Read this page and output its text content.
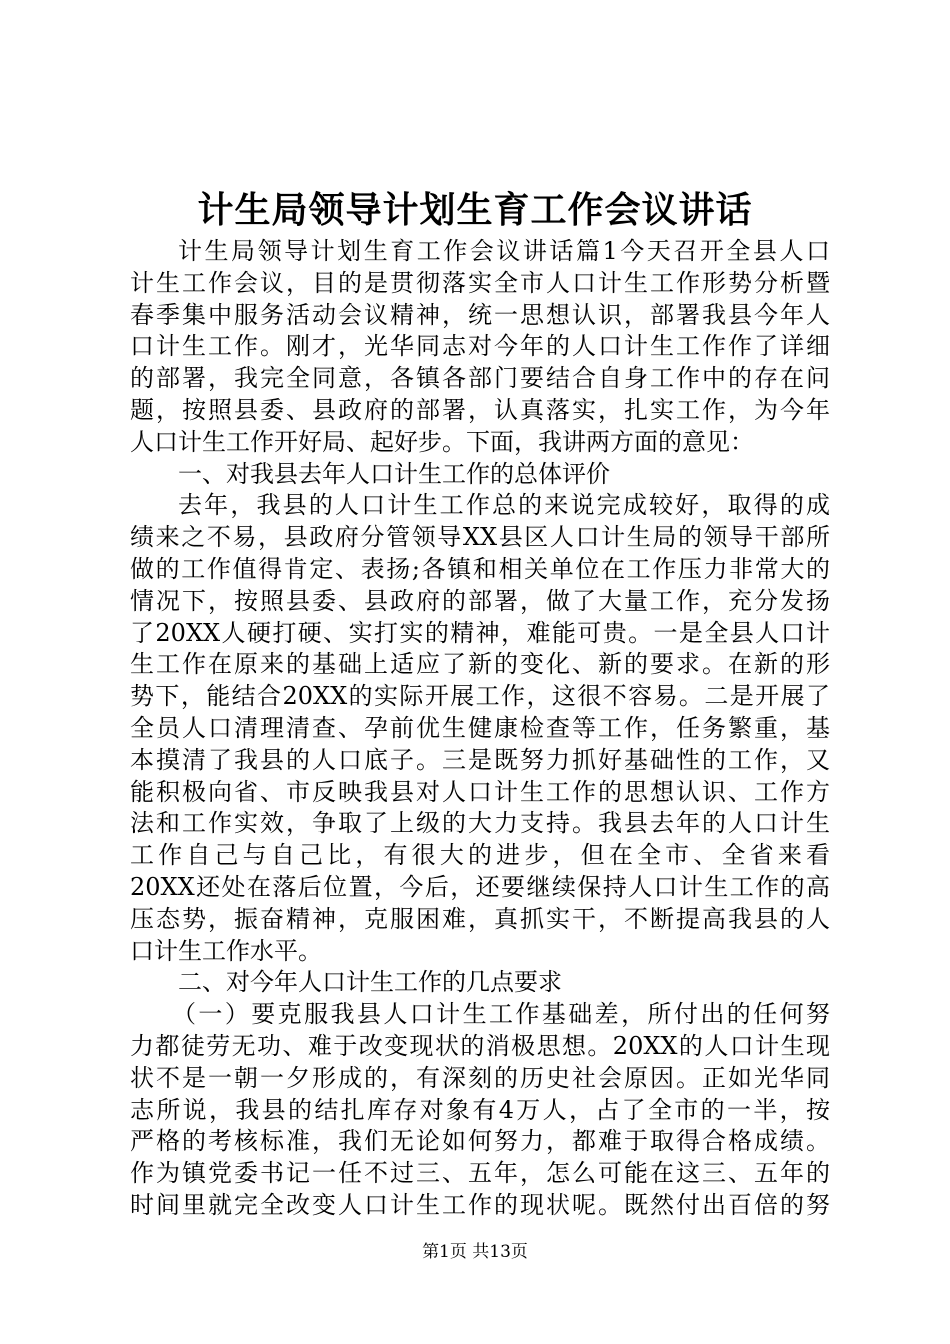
计生局领导计划生育工作会议讲话
计生局领导计划生育工作会议讲话篇1今天召开全县人口
计生工作会议，目的是贯彻落实全市人口计生工作形势分析暨
春季集中服务活动会议精神，统一思想认识，部署我县今年人
口计生工作。刚才，光华同志对今年的人口计生工作作了详细
的部署，我完全同意，各镇各部门要结合自身工作中的存在问
题，按照县委、县政府的部署，认真落实，扎实工作，为今年
人口计生工作开好局、起好步。下面，我讲两方面的意见：
一、对我县去年人口计生工作的总体评价
去年，我县的人口计生工作总的来说完成较好，取得的成
绩来之不易，县政府分管领导XX县区人口计生局的领导干部所
做的工作值得肯定、表扬;各镇和相关单位在工作压力非常大的
情况下，按照县委、县政府的部署，做了大量工作，充分发扬
了20XX人硬打硬、实打实的精神，难能可贵。一是全县人口计
生工作在原来的基础上适应了新的变化、新的要求。在新的形
势下，能结合20XX的实际开展工作，这很不容易。二是开展了
全员人口清理清查、孕前优生健康检查等工作，任务繁重，基
本摸清了我县的人口底子。三是既努力抓好基础性的工作，又
能积极向省、市反映我县对人口计生工作的思想认识、工作方
法和工作实效，争取了上级的大力支持。我县去年的人口计生
工作自己与自己比，有很大的进步，但在全市、全省来看
20XX还处在落后位置，今后，还要继续保持人口计生工作的高
压态势，振奋精神，克服困难，真抓实干，不断提高我县的人
口计生工作水平。
二、对今年人口计生工作的几点要求
（一）要克服我县人口计生工作基础差，所付出的任何努
力都徒劳无功、难于改变现状的消极思想。20XX的人口计生现
状不是一朝一夕形成的，有深刻的历史社会原因。正如光华同
志所说，我县的结扎库存对象有4万人，占了全市的一半，按
严格的考核标准，我们无论如何努力，都难于取得合格成绩。
作为镇党委书记一任不过三、五年，怎么可能在这三、五年的
时间里就完全改变人口计生工作的现状呢。既然付出百倍的努
第1页 共13页
